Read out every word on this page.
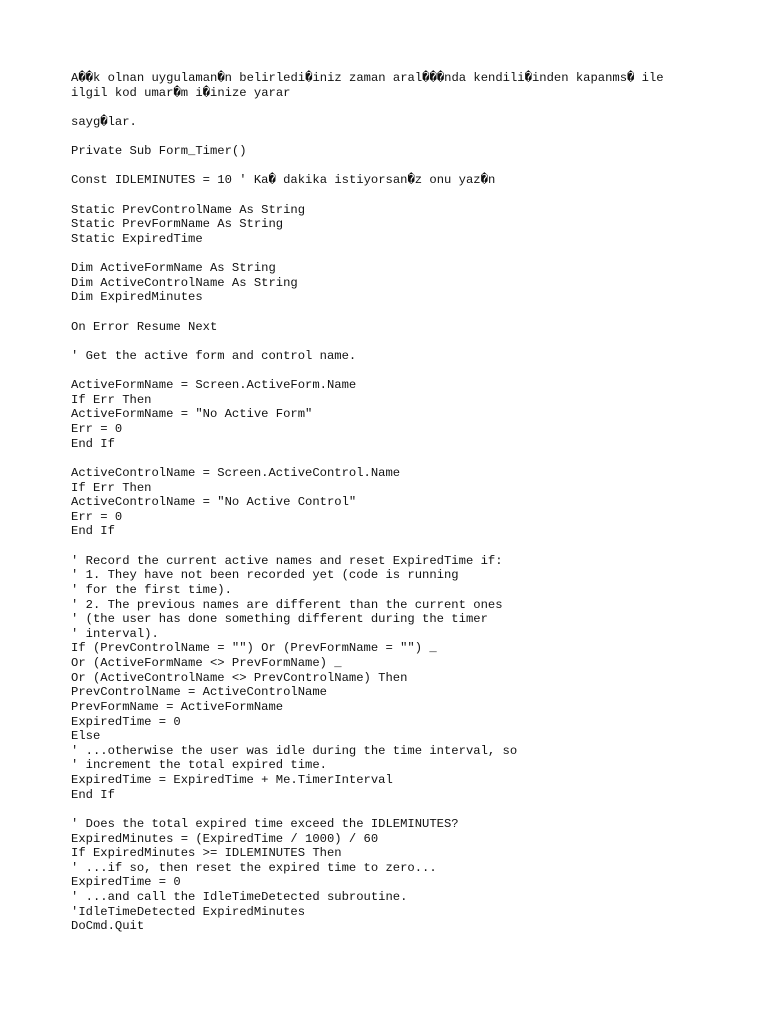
A��k olnan uygulaman�n belirledi�iniz zaman aral���nda kendili�inden kapanms� ile
ilgil kod umar�m i�inize yarar
sayg�lar.
Private Sub Form_Timer()
Const IDLEMINUTES = 10 ' Ka� dakika istiyorsan�z onu yaz�n
Static PrevControlName As String
Static PrevFormName As String
Static ExpiredTime
Dim ActiveFormName As String
Dim ActiveControlName As String
Dim ExpiredMinutes
On Error Resume Next
' Get the active form and control name.
ActiveFormName = Screen.ActiveForm.Name
If Err Then
ActiveFormName = "No Active Form"
Err = 0
End If
ActiveControlName = Screen.ActiveControl.Name
If Err Then
ActiveControlName = "No Active Control"
Err = 0
End If
' Record the current active names and reset ExpiredTime if:
' 1. They have not been recorded yet (code is running
' for the first time).
' 2. The previous names are different than the current ones
' (the user has done something different during the timer
' interval).
If (PrevControlName = "") Or (PrevFormName = "") _
Or (ActiveFormName <> PrevFormName) _
Or (ActiveControlName <> PrevControlName) Then
PrevControlName = ActiveControlName
PrevFormName = ActiveFormName
ExpiredTime = 0
Else
' ...otherwise the user was idle during the time interval, so
' increment the total expired time.
ExpiredTime = ExpiredTime + Me.TimerInterval
End If
' Does the total expired time exceed the IDLEMINUTES?
ExpiredMinutes = (ExpiredTime / 1000) / 60
If ExpiredMinutes >= IDLEMINUTES Then
' ...if so, then reset the expired time to zero...
ExpiredTime = 0
' ...and call the IdleTimeDetected subroutine.
'IdleTimeDetected ExpiredMinutes
DoCmd.Quit
